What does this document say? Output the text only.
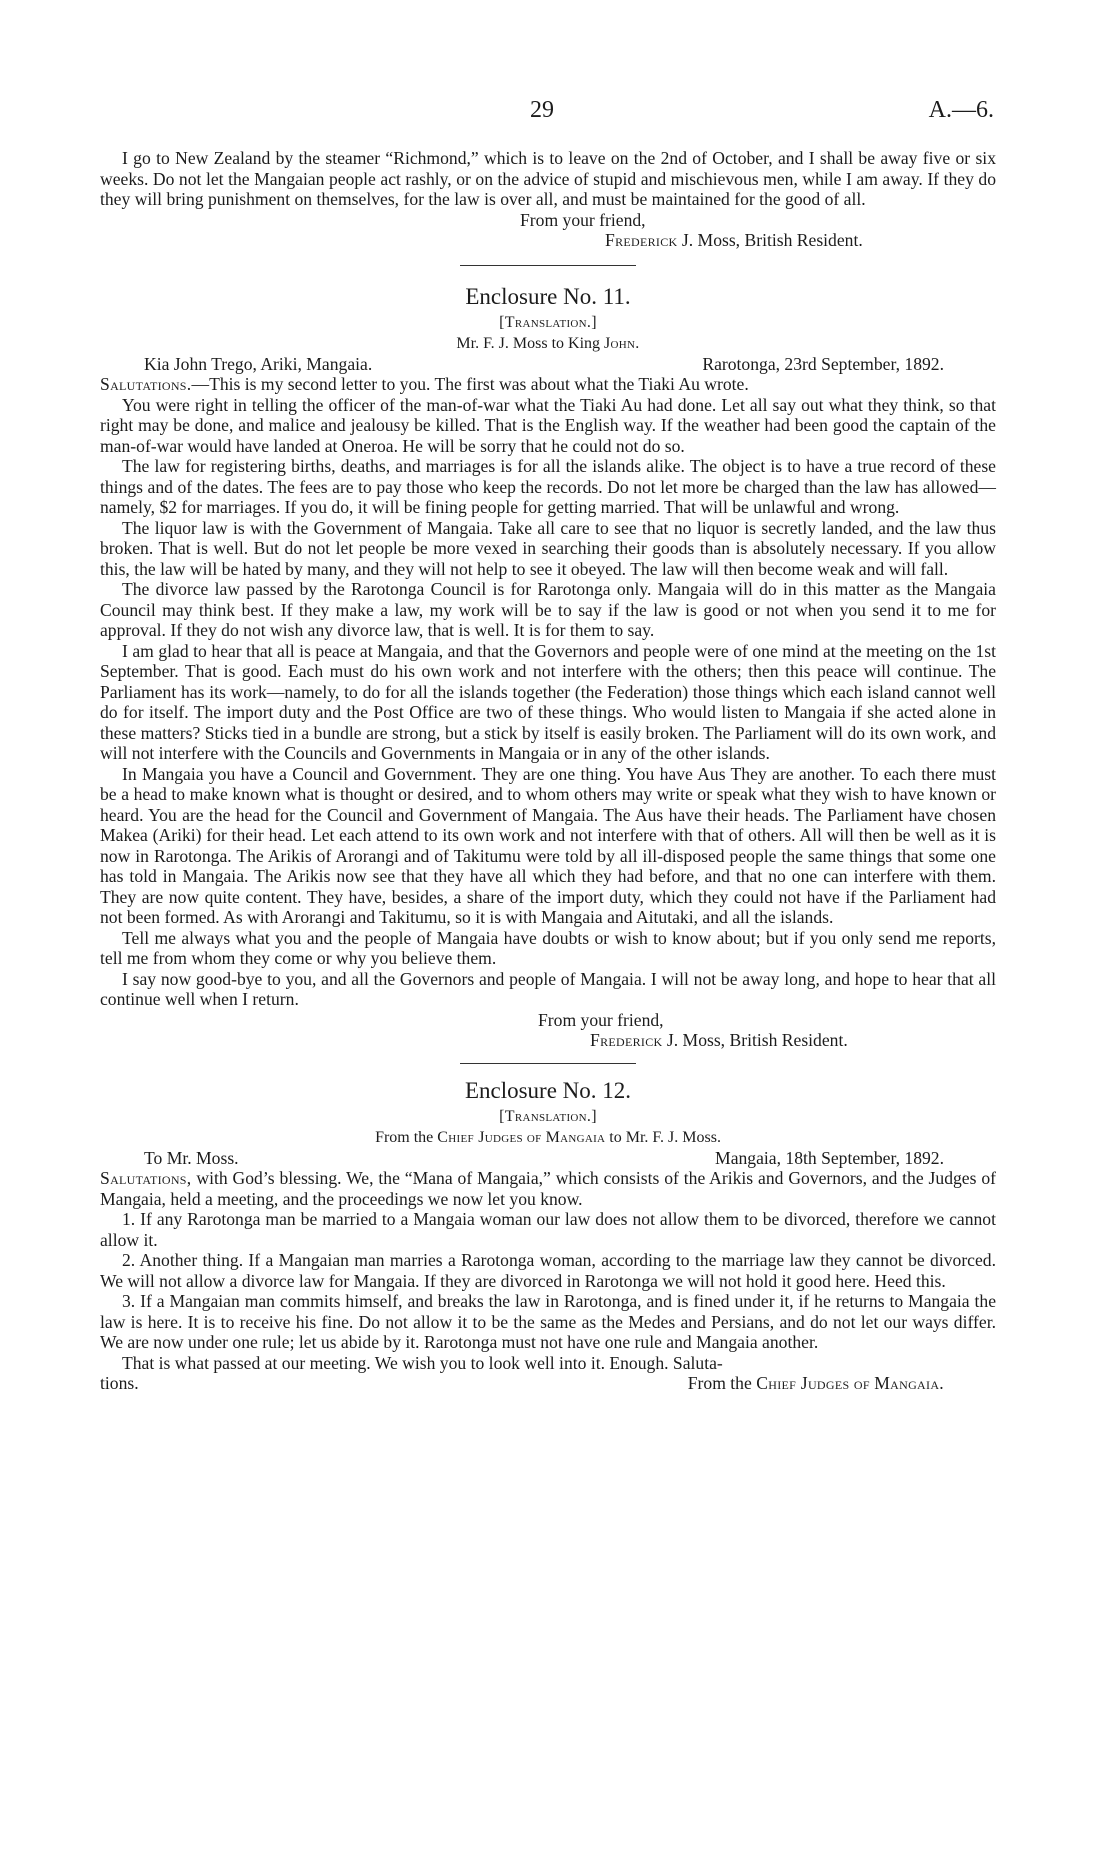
29	A.—6.

I go to New Zealand by the steamer “Richmond,” which is to leave on the 2nd of October, and I shall be away five or six weeks. Do not let the Mangaian people act rashly, or on the advice of stupid and mischievous men, while I am away. If they do they will bring punishment on themselves, for the law is over all, and must be maintained for the good of all.

From your friend,

Frederick J. Moss, British Resident.

Enclosure No. 11.
[Translation.]
Mr. F. J. Moss to King John.
Kia John Trego, Ariki, Mangaia.	Rarotonga, 23rd September, 1892.

Salutations.—This is my second letter to you. The first was about what the Tiaki Au wrote.

You were right in telling the officer of the man-of-war what the Tiaki Au had done. Let all say out what they think, so that right may be done, and malice and jealousy be killed. That is the English way. If the weather had been good the captain of the man-of-war would have landed at Oneroa. He will be sorry that he could not do so.

The law for registering births, deaths, and marriages is for all the islands alike. The object is to have a true record of these things and of the dates. The fees are to pay those who keep the records. Do not let more be charged than the law has allowed—namely, $2 for marriages. If you do, it will be fining people for getting married. That will be unlawful and wrong.

The liquor law is with the Government of Mangaia. Take all care to see that no liquor is secretly landed, and the law thus broken. That is well. But do not let people be more vexed in searching their goods than is absolutely necessary. If you allow this, the law will be hated by many, and they will not help to see it obeyed. The law will then become weak and will fall.

The divorce law passed by the Rarotonga Council is for Rarotonga only. Mangaia will do in this matter as the Mangaia Council may think best. If they make a law, my work will be to say if the law is good or not when you send it to me for approval. If they do not wish any divorce law, that is well. It is for them to say.

I am glad to hear that all is peace at Mangaia, and that the Governors and people were of one mind at the meeting on the 1st September. That is good. Each must do his own work and not interfere with the others; then this peace will continue. The Parliament has its work—namely, to do for all the islands together (the Federation) those things which each island cannot well do for itself. The import duty and the Post Office are two of these things. Who would listen to Mangaia if she acted alone in these matters? Sticks tied in a bundle are strong, but a stick by itself is easily broken. The Parliament will do its own work, and will not interfere with the Councils and Governments in Mangaia or in any of the other islands.

In Mangaia you have a Council and Government. They are one thing. You have Aus They are another. To each there must be a head to make known what is thought or desired, and to whom others may write or speak what they wish to have known or heard. You are the head for the Council and Government of Mangaia. The Aus have their heads. The Parliament have chosen Makea (Ariki) for their head. Let each attend to its own work and not interfere with that of others. All will then be well as it is now in Rarotonga. The Arikis of Arorangi and of Takitumu were told by all ill-disposed people the same things that some one has told in Mangaia. The Arikis now see that they have all which they had before, and that no one can interfere with them. They are now quite content. They have, besides, a share of the import duty, which they could not have if the Parliament had not been formed. As with Arorangi and Takitumu, so it is with Mangaia and Aitutaki, and all the islands.

Tell me always what you and the people of Mangaia have doubts or wish to know about; but if you only send me reports, tell me from whom they come or why you believe them.

I say now good-bye to you, and all the Governors and people of Mangaia. I will not be away long, and hope to hear that all continue well when I return.

From your friend,

Frederick J. Moss, British Resident.

Enclosure No. 12.
[Translation.]
From the Chief Judges of Mangaia to Mr. F. J. Moss.
To Mr. Moss.	Mangaia, 18th September, 1892.

Salutations, with God’s blessing. We, the “Mana of Mangaia,” which consists of the Arikis and Governors, and the Judges of Mangaia, held a meeting, and the proceedings we now let you know.

1. If any Rarotonga man be married to a Mangaia woman our law does not allow them to be divorced, therefore we cannot allow it.

2. Another thing. If a Mangaian man marries a Rarotonga woman, according to the marriage law they cannot be divorced. We will not allow a divorce law for Mangaia. If they are divorced in Rarotonga we will not hold it good here. Heed this.

3. If a Mangaian man commits himself, and breaks the law in Rarotonga, and is fined under it, if he returns to Mangaia the law is here. It is to receive his fine. Do not allow it to be the same as the Medes and Persians, and do not let our ways differ. We are now under one rule; let us abide by it. Rarotonga must not have one rule and Mangaia another.

That is what passed at our meeting. We wish you to look well into it. Enough. Saluta-

tions.	From the Chief Judges of Mangaia.
